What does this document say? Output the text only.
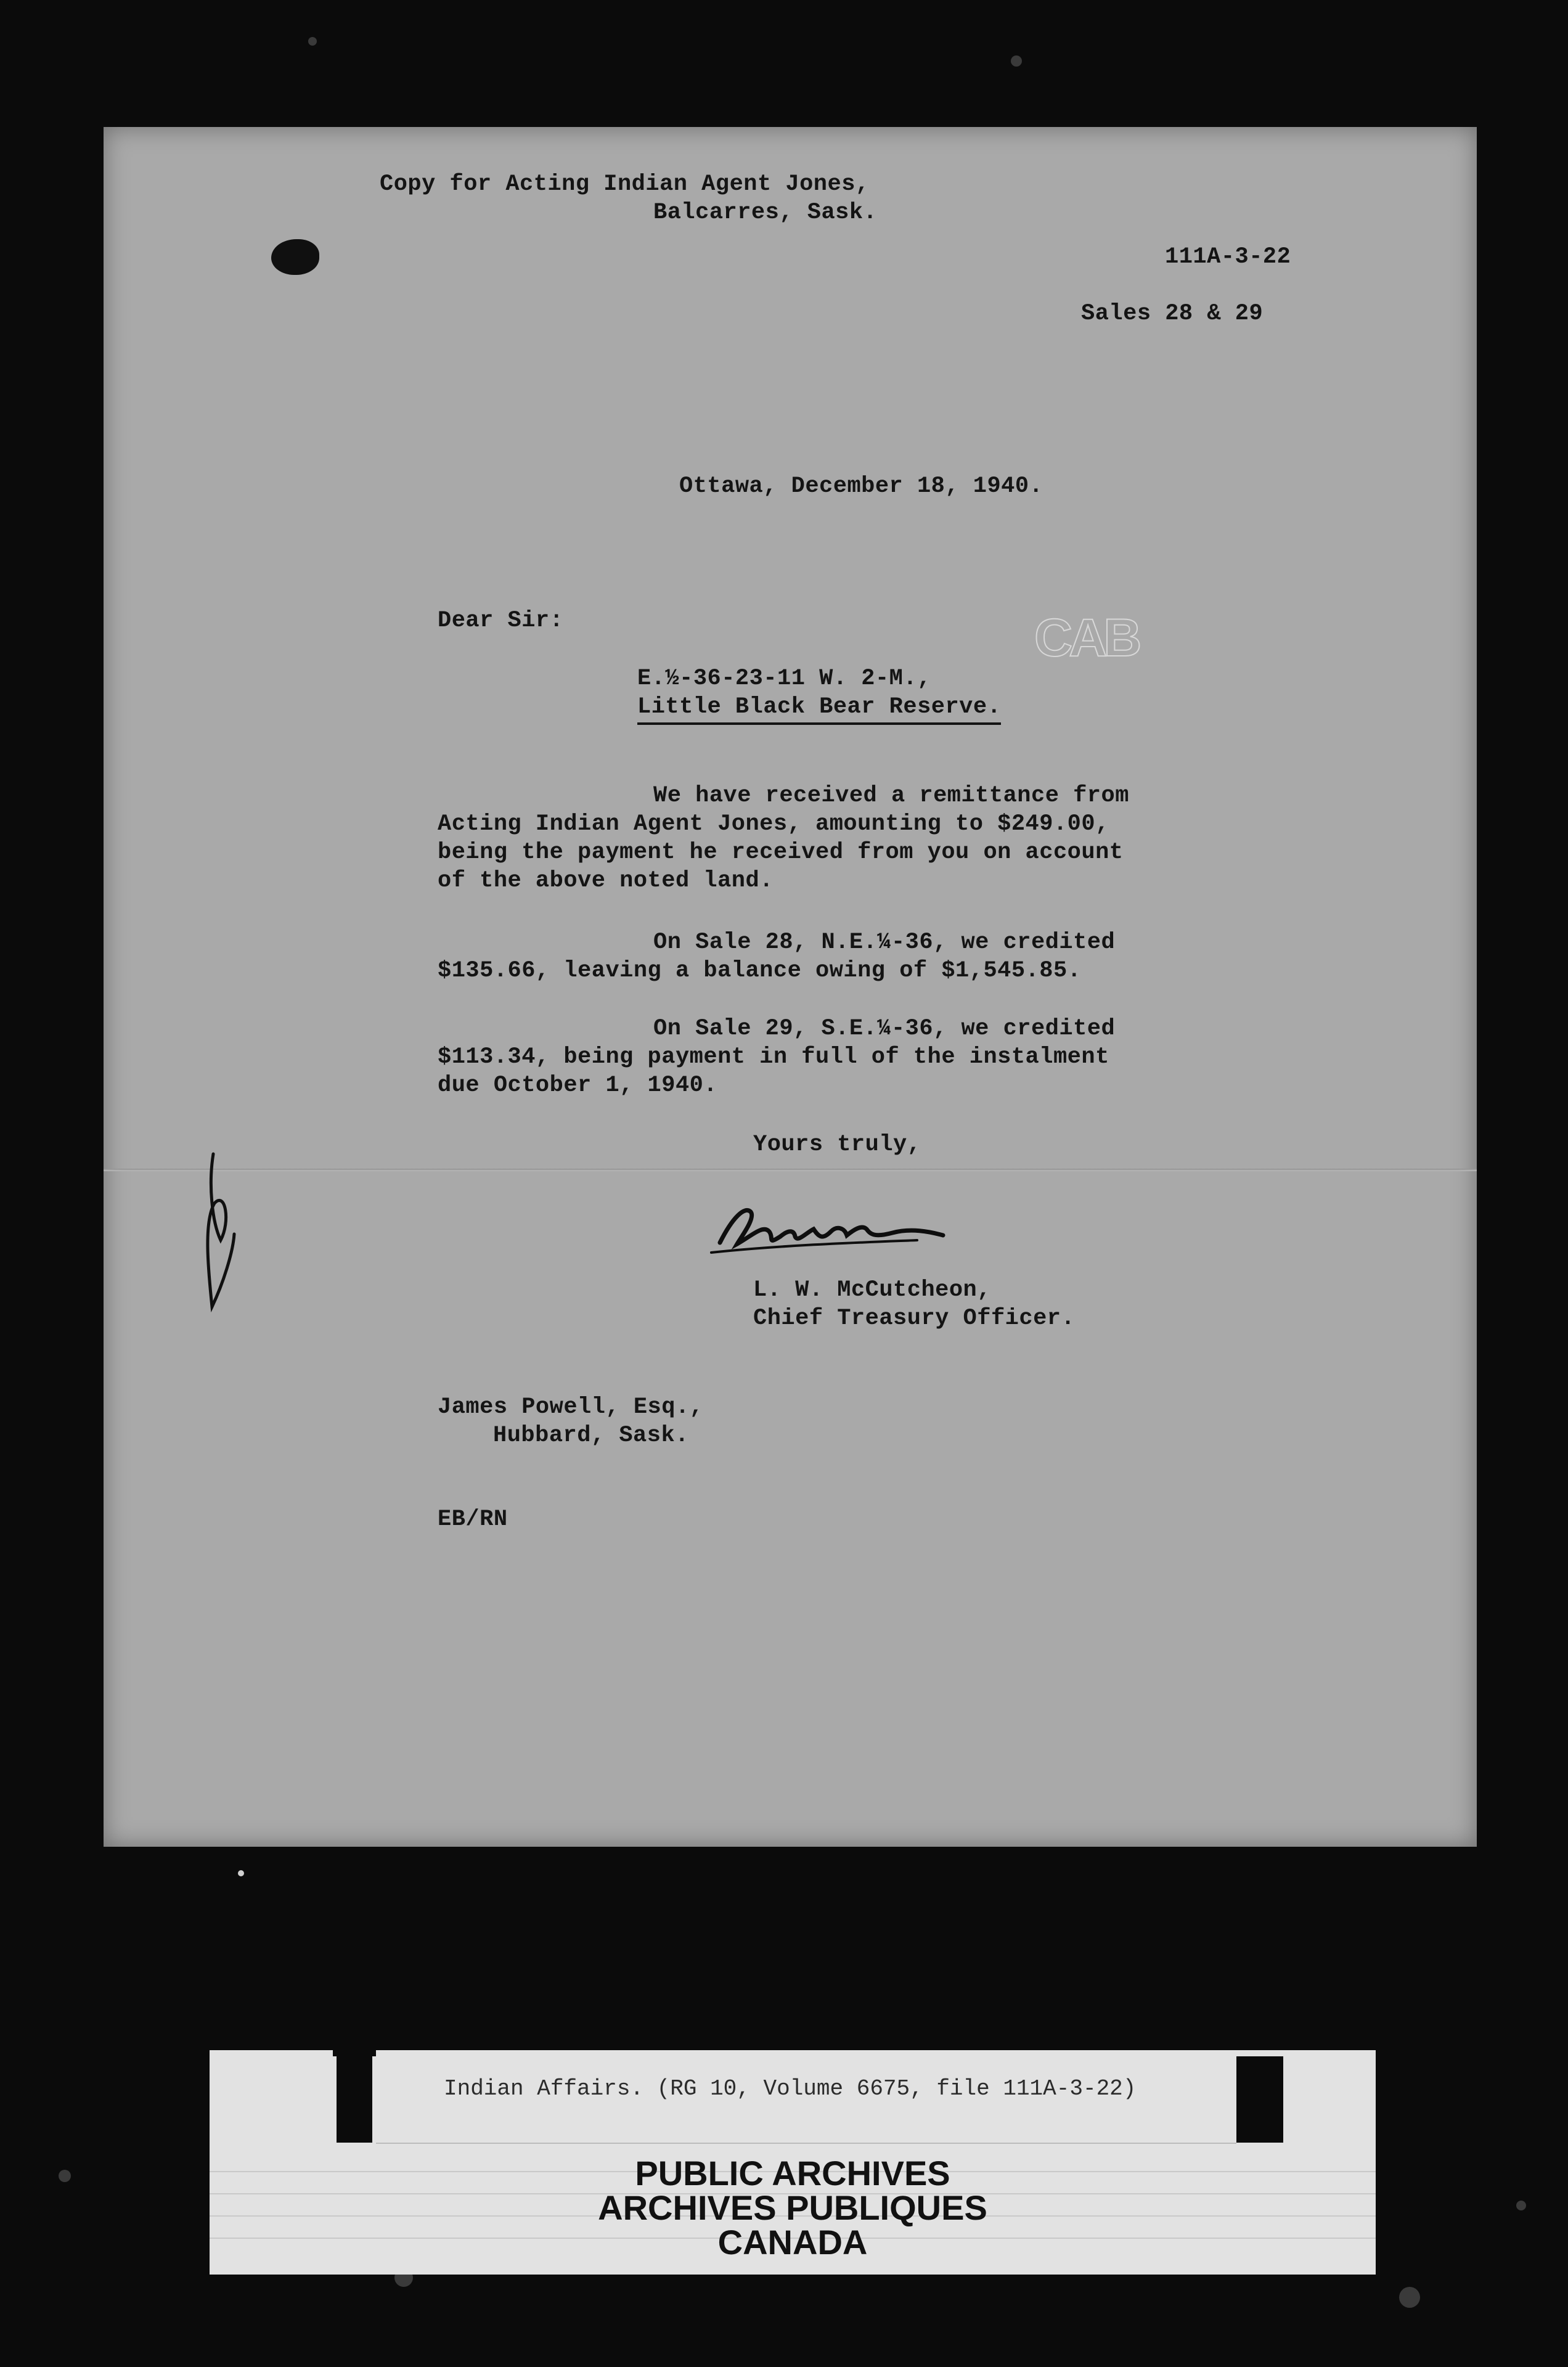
Copy for Acting Indian Agent Jones,
Balcarres, Sask.
111A-3-22
Sales 28 & 29
Ottawa, December 18, 1940.
Dear Sir:	CAB
E.½-36-23-11 W. 2-M.,
Little Black Bear Reserve.
We have received a remittance from
Acting Indian Agent Jones, amounting to $249.00,
being the payment he received from you on account
of the above noted land.
On Sale 28, N.E.¼-36, we credited
$135.66, leaving a balance owing of $1,545.85.
On Sale 29, S.E.¼-36, we credited
$113.34, being payment in full of the instalment
due October 1, 1940.
Yours truly,
L. W. McCutcheon,
Chief Treasury Officer.
James Powell, Esq.,
Hubbard, Sask.
EB/RN
Indian Affairs. (RG 10, Volume 6675, file 111A-3-22)
PUBLIC ARCHIVES
ARCHIVES PUBLIQUES
CANADA
